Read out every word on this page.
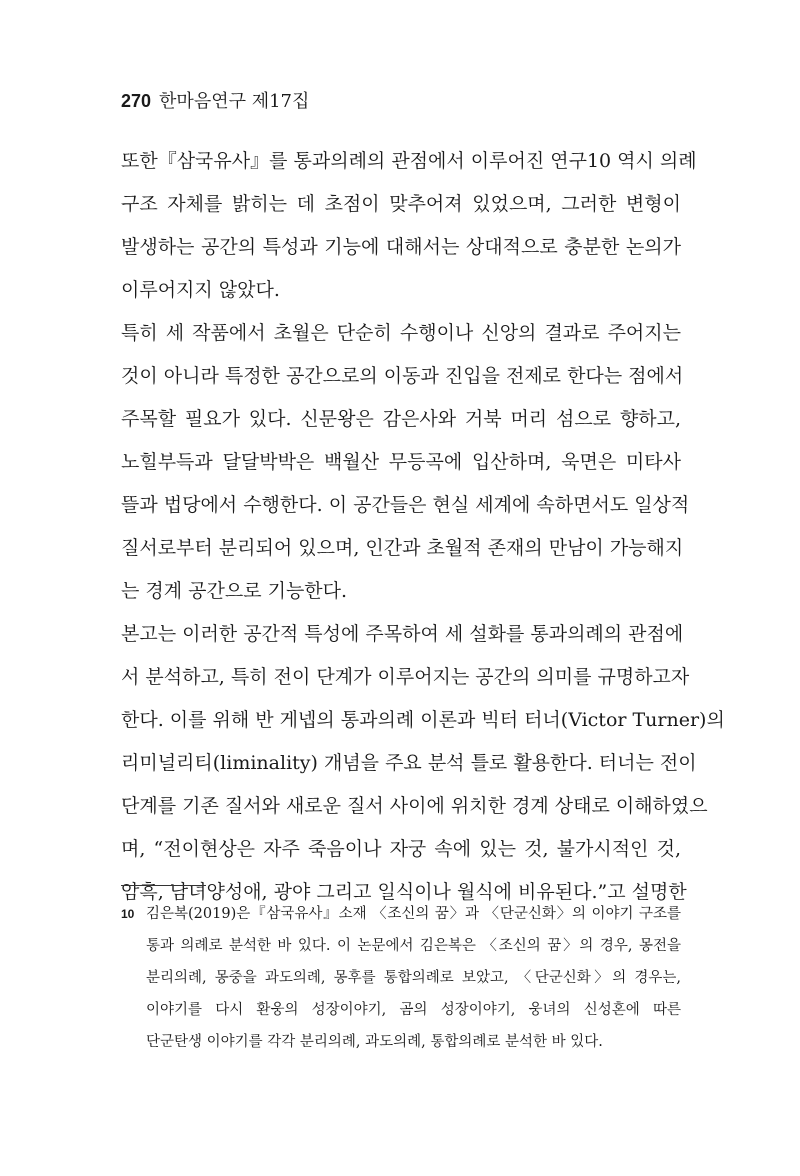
270 한마음연구 제17집
또한『삼국유사』를 통과의례의 관점에서 이루어진 연구10 역시 의례
구조 자체를 밝히는 데 초점이 맞추어져 있었으며, 그러한 변형이
발생하는 공간의 특성과 기능에 대해서는 상대적으로 충분한 논의가
이루어지지 않았다.
특히 세 작품에서 초월은 단순히 수행이나 신앙의 결과로 주어지는
것이 아니라 특정한 공간으로의 이동과 진입을 전제로 한다는 점에서
주목할 필요가 있다. 신문왕은 감은사와 거북 머리 섬으로 향하고,
노힐부득과 달달박박은 백월산 무등곡에 입산하며, 욱면은 미타사
뜰과 법당에서 수행한다. 이 공간들은 현실 세계에 속하면서도 일상적
질서로부터 분리되어 있으며, 인간과 초월적 존재의 만남이 가능해지
는 경계 공간으로 기능한다.
본고는 이러한 공간적 특성에 주목하여 세 설화를 통과의례의 관점에
서 분석하고, 특히 전이 단계가 이루어지는 공간의 의미를 규명하고자
한다. 이를 위해 반 게넵의 통과의례 이론과 빅터 터너(Victor Turner)의
리미널리티(liminality) 개념을 주요 분석 틀로 활용한다. 터너는 전이
단계를 기존 질서와 새로운 질서 사이에 위치한 경계 상태로 이해하였으
며, “전이현상은 자주 죽음이나 자궁 속에 있는 것, 불가시적인 것,
암흑, 남녀양성애, 광야 그리고 일식이나 월식에 비유된다.”고 설명한
10 김은복(2019)은『삼국유사』소재 〈조신의 꿈〉과 〈단군신화〉의 이야기 구조를
통과 의례로 분석한 바 있다. 이 논문에서 김은복은 〈조신의 꿈〉의 경우, 몽전을
분리의례, 몽중을 과도의례, 몽후를 통합의례로 보았고, 〈단군신화〉의 경우는,
이야기를 다시 환웅의 성장이야기, 곰의 성장이야기, 웅녀의 신성혼에 따른
단군탄생 이야기를 각각 분리의례, 과도의례, 통합의례로 분석한 바 있다.
